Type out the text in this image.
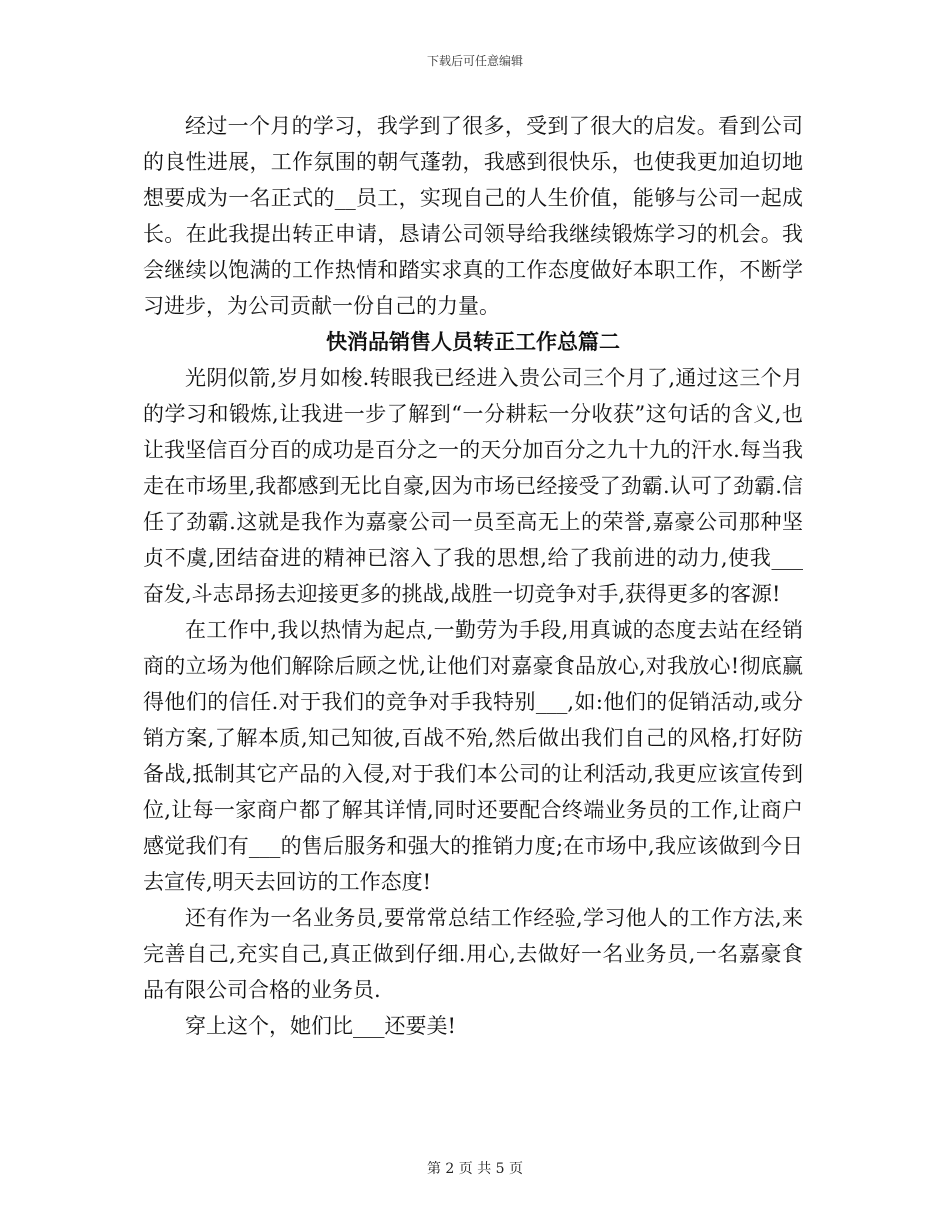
下载后可任意编辑

经过一个月的学习，我学到了很多，受到了很大的启发。看到公司的良性进展，工作氛围的朝气蓬勃，我感到很快乐，也使我更加迫切地想要成为一名正式的__员工，实现自己的人生价值，能够与公司一起成长。在此我提出转正申请，恳请公司领导给我继续锻炼学习的机会。我会继续以饱满的工作热情和踏实求真的工作态度做好本职工作，不断学习进步，为公司贡献一份自己的力量。

快消品销售人员转正工作总篇二

光阴似箭,岁月如梭.转眼我已经进入贵公司三个月了,通过这三个月的学习和锻炼,让我进一步了解到“一分耕耘一分收获”这句话的含义,也让我坚信百分百的成功是百分之一的天分加百分之九十九的汗水.每当我走在市场里,我都感到无比自豪,因为市场已经接受了劲霸.认可了劲霸.信任了劲霸.这就是我作为嘉豪公司一员至高无上的荣誉,嘉豪公司那种坚贞不虞,团结奋进的精神已溶入了我的思想,给了我前进的动力,使我___奋发,斗志昂扬去迎接更多的挑战,战胜一切竞争对手,获得更多的客源!

在工作中,我以热情为起点,一勤劳为手段,用真诚的态度去站在经销商的立场为他们解除后顾之忧,让他们对嘉豪食品放心,对我放心!彻底赢得他们的信任.对于我们的竞争对手我特别___,如:他们的促销活动,或分销方案,了解本质,知己知彼,百战不殆,然后做出我们自己的风格,打好防备战,抵制其它产品的入侵,对于我们本公司的让利活动,我更应该宣传到位,让每一家商户都了解其详情,同时还要配合终端业务员的工作,让商户感觉我们有___的售后服务和强大的推销力度;在市场中,我应该做到今日去宣传,明天去回访的工作态度!

还有作为一名业务员,要常常总结工作经验,学习他人的工作方法,来完善自己,充实自己,真正做到仔细.用心,去做好一名业务员,一名嘉豪食品有限公司合格的业务员.

穿上这个，她们比___还要美!

第 2 页 共 5 页
